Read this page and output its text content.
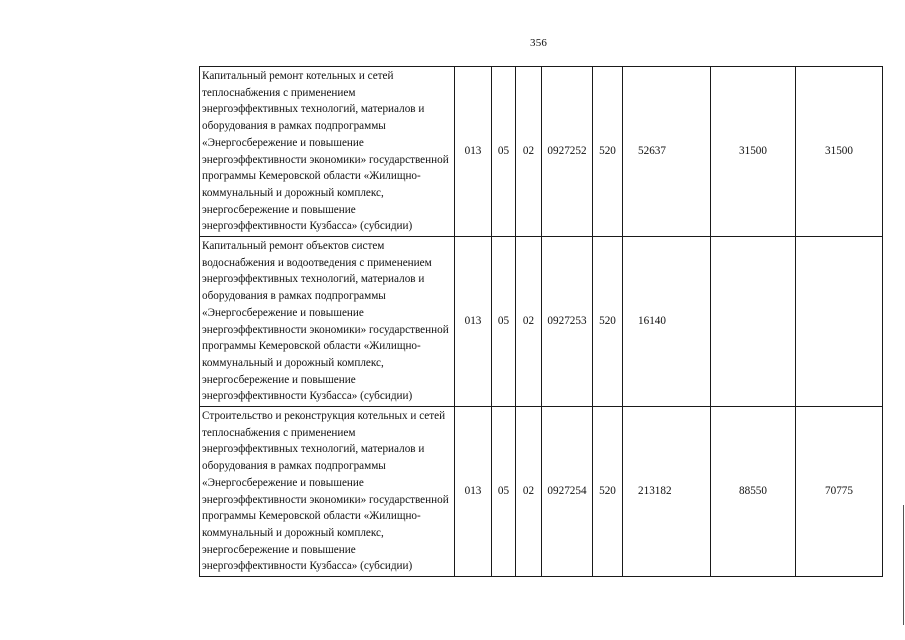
356
Капитальный ремонт котельных и сетей теплоснабжения с применением энергоэффективных технологий, материалов и оборудования в рамках подпрограммы «Энергосбережение и повышение энергоэффективности экономики» государственной программы Кемеровской области «Жилищно-коммунальный и дорожный комплекс, энергосбережение и повышение энергоэффективности Кузбасса» (субсидии)	013	05	02	0927252	520	52637	31500	31500
Капитальный ремонт объектов систем водоснабжения и водоотведения с применением энергоэффективных технологий, материалов и оборудования в рамках подпрограммы «Энергосбережение и повышение энергоэффективности экономики» государственной программы Кемеровской области «Жилищно-коммунальный и дорожный комплекс, энергосбережение и повышение энергоэффективности Кузбасса» (субсидии)	013	05	02	0927253	520	16140		
Строительство и реконструкция котельных и сетей теплоснабжения с применением энергоэффективных технологий, материалов и оборудования в рамках подпрограммы «Энергосбережение и повышение энергоэффективности экономики» государственной программы Кемеровской области «Жилищно-коммунальный и дорожный комплекс, энергосбережение и повышение энергоэффективности Кузбасса» (субсидии)	013	05	02	0927254	520	213182	88550	70775
